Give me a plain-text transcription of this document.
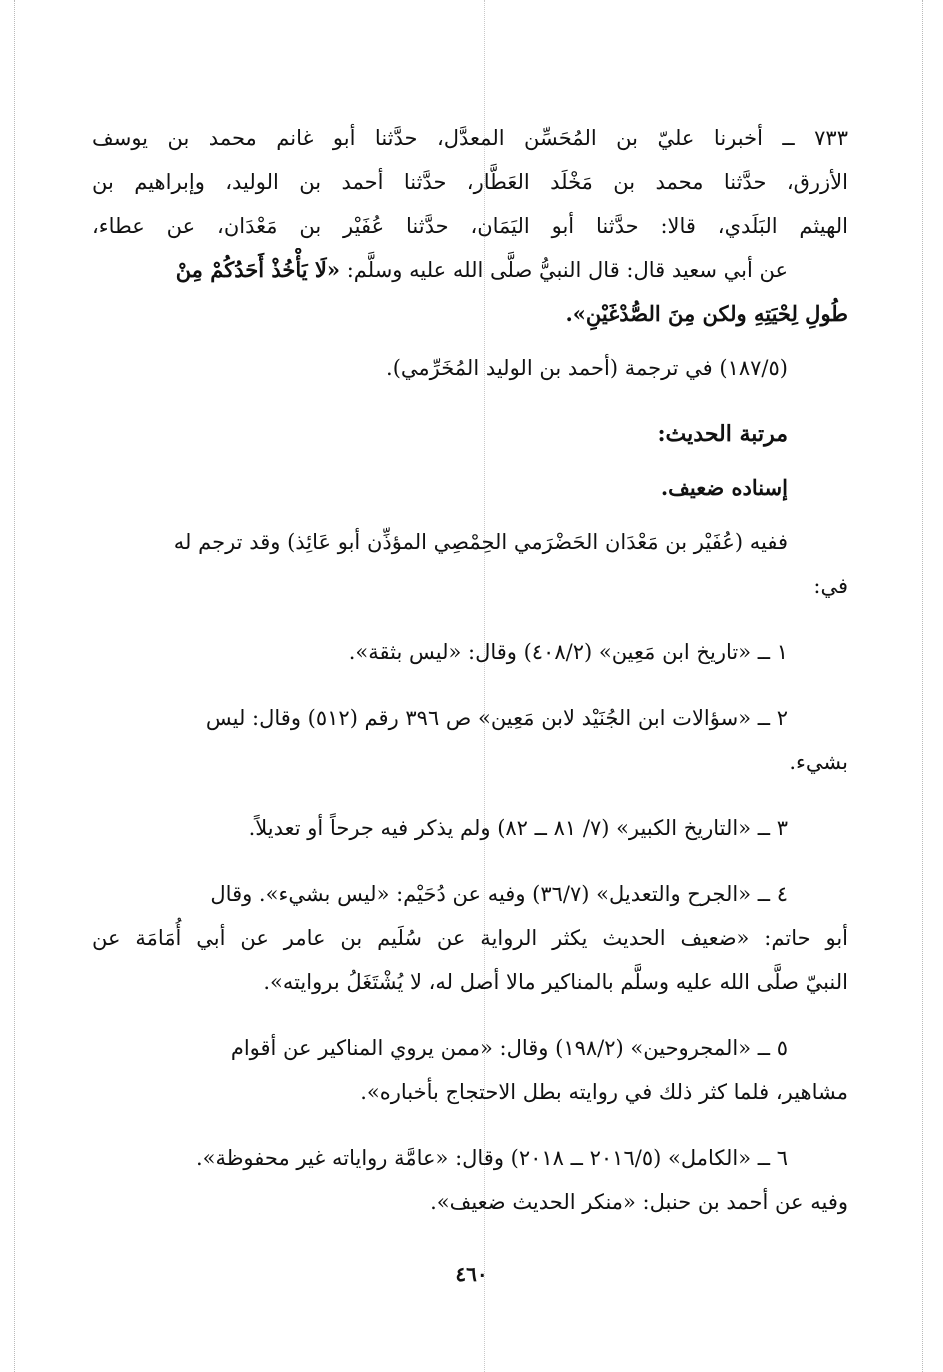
٧٣٣ ــ أخبرنا عليّ بن المُحَسِّن المعدَّل، حدَّثنا أبو غانم محمد بن يوسف
الأزرق، حدَّثنا محمد بن مَخْلَد العَطَّار، حدَّثنا أحمد بن الوليد، وإبراهيم بن
الهيثم البَلَدي، قالا: حدَّثنا أبو اليَمَان، حدَّثنا عُفَيْر بن مَعْدَان، عن عطاء،
عن أبي سعيد قال: قال النبيُّ صلَّى الله عليه وسلَّم: «لَا يَأْخُذْ أَحَدُكُمْ مِنْ
طُولِ لِحْيَتِهِ ولكن مِنَ الصُّدْغَيْنِ».
(١٨٧/٥) في ترجمة (أحمد بن الوليد المُخَرِّمي).
مرتبة الحديث:
إسناده ضعيف.
ففيه (عُفَيْر بن مَعْدَان الحَضْرَمي الحِمْصِي المؤذِّن أبو عَائِذ) وقد ترجم له
في:
١ ــ «تاريخ ابن مَعِين» (٤٠٨/٢) وقال: «ليس بثقة».
٢ ــ «سؤالات ابن الجُنَيْد لابن مَعِين» ص ٣٩٦ رقم (٥١٢) وقال: ليس
بشيء.
٣ ــ «التاريخ الكبير» (٧/ ٨١ ــ ٨٢) ولم يذكر فيه جرحاً أو تعديلاً.
٤ ــ «الجرح والتعديل» (٣٦/٧) وفيه عن دُحَيْم: «ليس بشيء». وقال
أبو حاتم: «ضعيف الحديث يكثر الرواية عن سُلَيم بن عامر عن أبي أُمَامَة عن
النبيّ صلَّى الله عليه وسلَّم بالمناكير مالا أصل له، لا يُشْتَغَلُ بروايته».
٥ ــ «المجروحين» (١٩٨/٢) وقال: «ممن يروي المناكير عن أقوام
مشاهير، فلما كثر ذلك في روايته بطل الاحتجاج بأخباره».
٦ ــ «الكامل» (٢٠١٦/٥ ــ ٢٠١٨) وقال: «عامَّة رواياته غير محفوظة».
وفيه عن أحمد بن حنبل: «منكر الحديث ضعيف».
٤٦٠
